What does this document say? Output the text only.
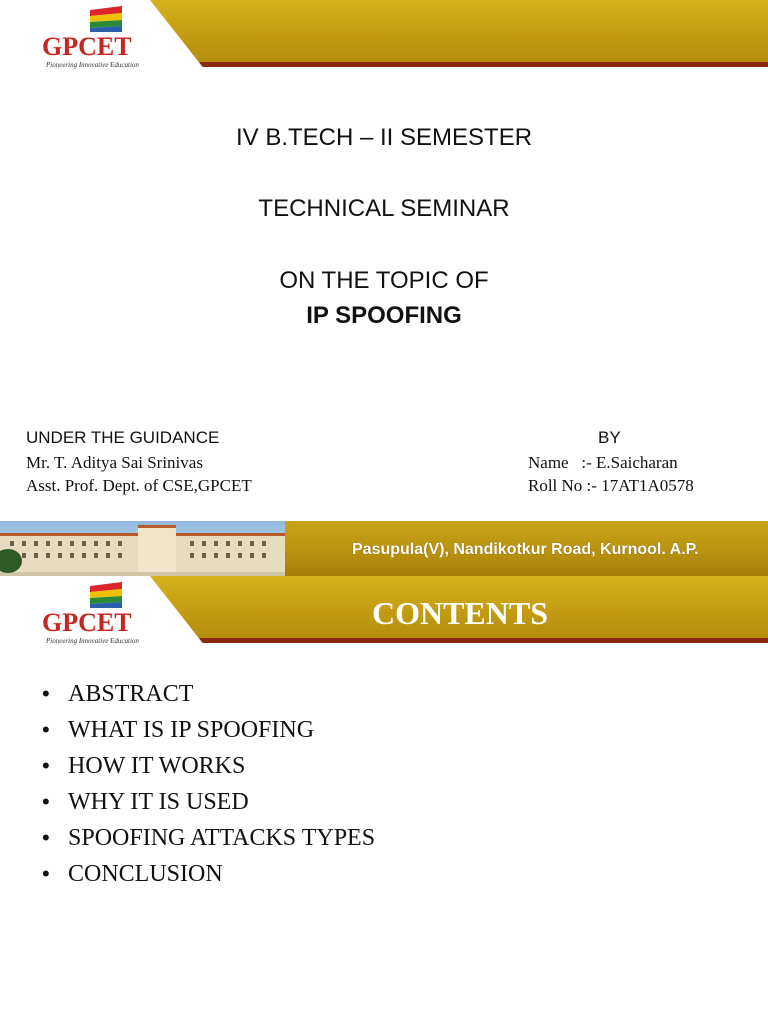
GPCET
Pioneering Innovative Education
IV B.TECH – II SEMESTER
TECHNICAL SEMINAR
ON THE TOPIC OF
IP SPOOFING
UNDER THE GUIDANCE
Mr. T. Aditya Sai Srinivas
Asst. Prof. Dept. of CSE,GPCET
BY
Name   :- E.Saicharan
Roll No :- 17AT1A0578
Pasupula(V), Nandikotkur Road, Kurnool. A.P.
GPCET
Pioneering Innovative Education
CONTENTS
• ABSTRACT
• WHAT IS IP SPOOFING
• HOW IT WORKS
• WHY IT IS USED
• SPOOFING ATTACKS TYPES
• CONCLUSION
